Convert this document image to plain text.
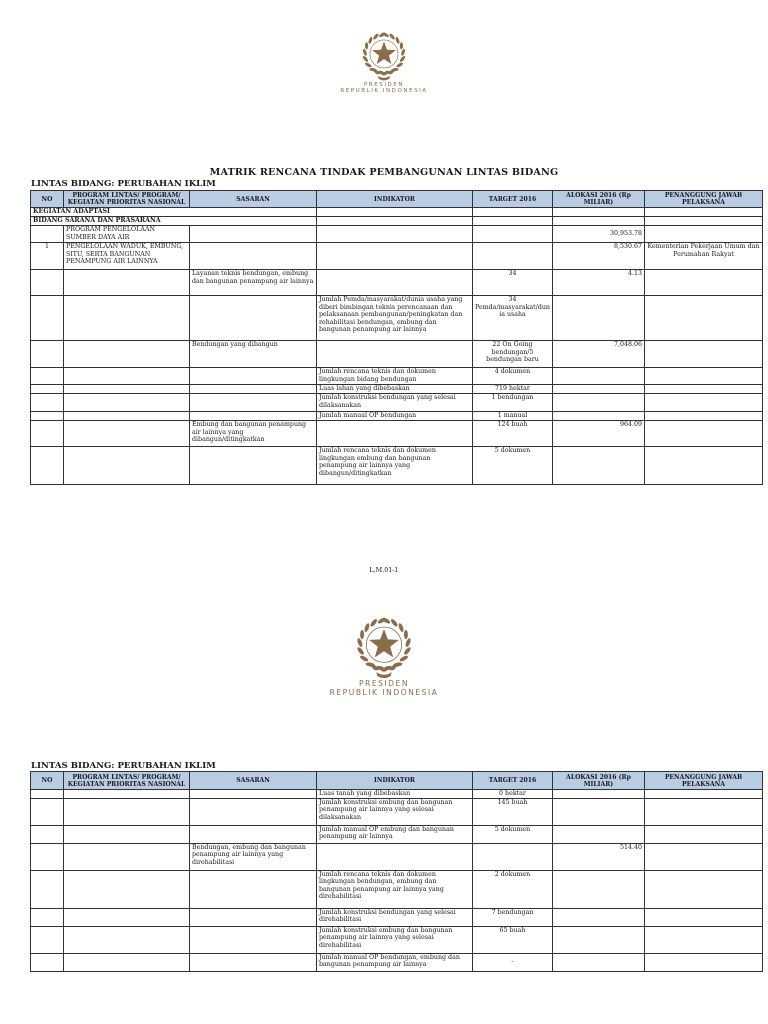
PRESIDEN
REPUBLIK INDONESIA
MATRIK RENCANA TINDAK PEMBANGUNAN LINTAS BIDANG
LINTAS BIDANG: PERUBAHAN IKLIM
NO	PROGRAM LINTAS/ PROGRAM/ KEGIATAN PRIORITAS NASIONAL	SASARAN	INDIKATOR	TARGET 2016	ALOKASI 2016 (Rp MILIAR)	PENANGGUNG JAWAB PELAKSANA
KEGIATAN ADAPTASI						
BIDANG SARANA DAN PRASARANA						
	PROGRAM PENGELOLAAN SUMBER DAYA AIR				30,953.78	
1	PENGELOLAAN WADUK, EMBUNG, SITU, SERTA BANGUNAN PENAMPUNG AIR LAINNYA				8,530.67	Kementerian Pekerjaan Umum dan Perumahan Rakyat
		Layanan teknis bendungan, embung dan bangunan penampung air lainnya		34	4.13	
			Jumlah Pemda/masyarakat/dunia usaha yang diberi bimbingan teknis perencanaan dan pelaksanaan pembangunan/peningkatan dan rehabilitasi bendungan, embung dan bangunan penampung air lainnya	34 Pemda/masyarakat/dunia usaha		
		Bendungan yang dibangun		22 On Going bendungan/5 bendungan baru	7,048.06	
			Jumlah rencana teknis dan dokumen lingkungan bidang bendungan	4 dokumen		
			Luas lahan yang dibebaskan	719 hektar		
			Jumlah konstruksi bendungan yang selesai dilaksanakan	1 bendungan		
			Jumlah manual OP bendungan	1 manual		
		Embung dan bangunan penampung air lainnya yang dibangun/ditingkatkan		124 buah	964.09	
			Jumlah rencana teknis dan dokumen lingkungan embung dan bangunan penampung air lainnya yang dibangun/ditingkatkan	5 dokumen		
L.M.01-1
PRESIDEN
REPUBLIK INDONESIA
LINTAS BIDANG: PERUBAHAN IKLIM
NO	PROGRAM LINTAS/ PROGRAM/ KEGIATAN PRIORITAS NASIONAL	SASARAN	INDIKATOR	TARGET 2016	ALOKASI 2016 (Rp MILIAR)	PENANGGUNG JAWAB PELAKSANA
			Luas tanah yang dibebaskan	0 hektar		
			Jumlah konstruksi embung dan bangunan penampung air lainnya yang selesai dilaksanakan	145 buah		
			Jumlah manual OP embung dan bangunan penampung air lainnya	5 dokumen		
		Bendungan, embung dan bangunan penampung air lainnya yang direhabilitasi			514.40	
			Jumlah rencana teknis dan dokumen lingkungan bendungan, embung dan bangunan penampung air lainnya yang direhabilitasi	2 dokumen		
			Jumlah konstruksi bendungan yang selesai direhabilitasi	7 bendungan		
			Jumlah konstruksi embung dan bangunan penampung air lainnya yang selesai direhabilitasi	65 buah		
			Jumlah manual OP bendungan, embung dan bangunan penampung air lainnya	-		
